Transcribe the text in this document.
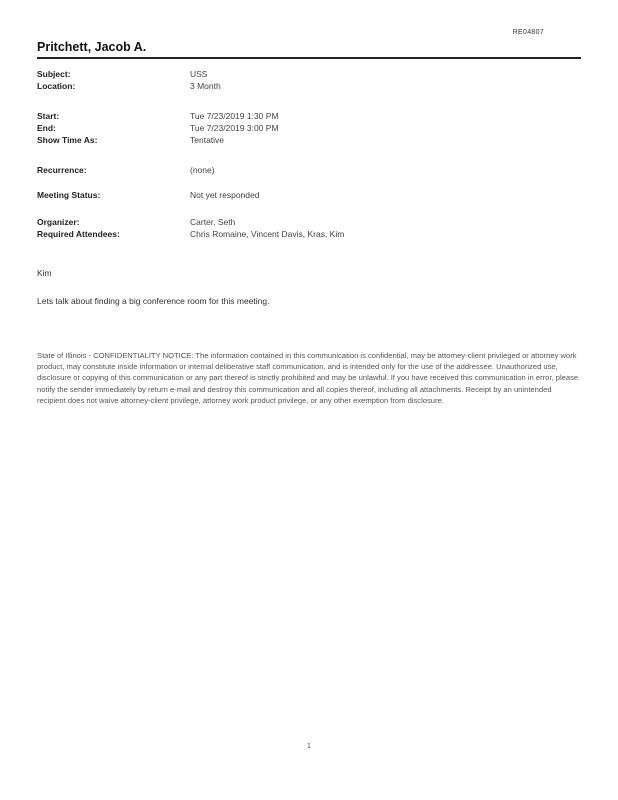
RE04807
Pritchett, Jacob A.
Subject:	USS
Location:	3 Month
Start:	Tue 7/23/2019 1:30 PM
End:	Tue 7/23/2019 3:00 PM
Show Time As:	Tentative
Recurrence:	(none)
Meeting Status:	Not yet responded
Organizer:	Carter, Seth
Required Attendees:	Chris Romaine, Vincent Davis, Kras, Kim
Kim
Lets talk about finding a big conference room for this meeting.
State of Illinois - CONFIDENTIALITY NOTICE: The information contained in this communication is confidential, may be attorney-client privileged or attorney work product, may constitute inside information or internal deliberative staff communication, and is intended only for the use of the addressee. Unauthorized use, disclosure or copying of this communication or any part thereof is strictly prohibited and may be unlawful. If you have received this communication in error, please notify the sender immediately by return e-mail and destroy this communication and all copies thereof, including all attachments. Receipt by an unintended recipient does not waive attorney-client privilege, attorney work product privilege, or any other exemption from disclosure.
1
